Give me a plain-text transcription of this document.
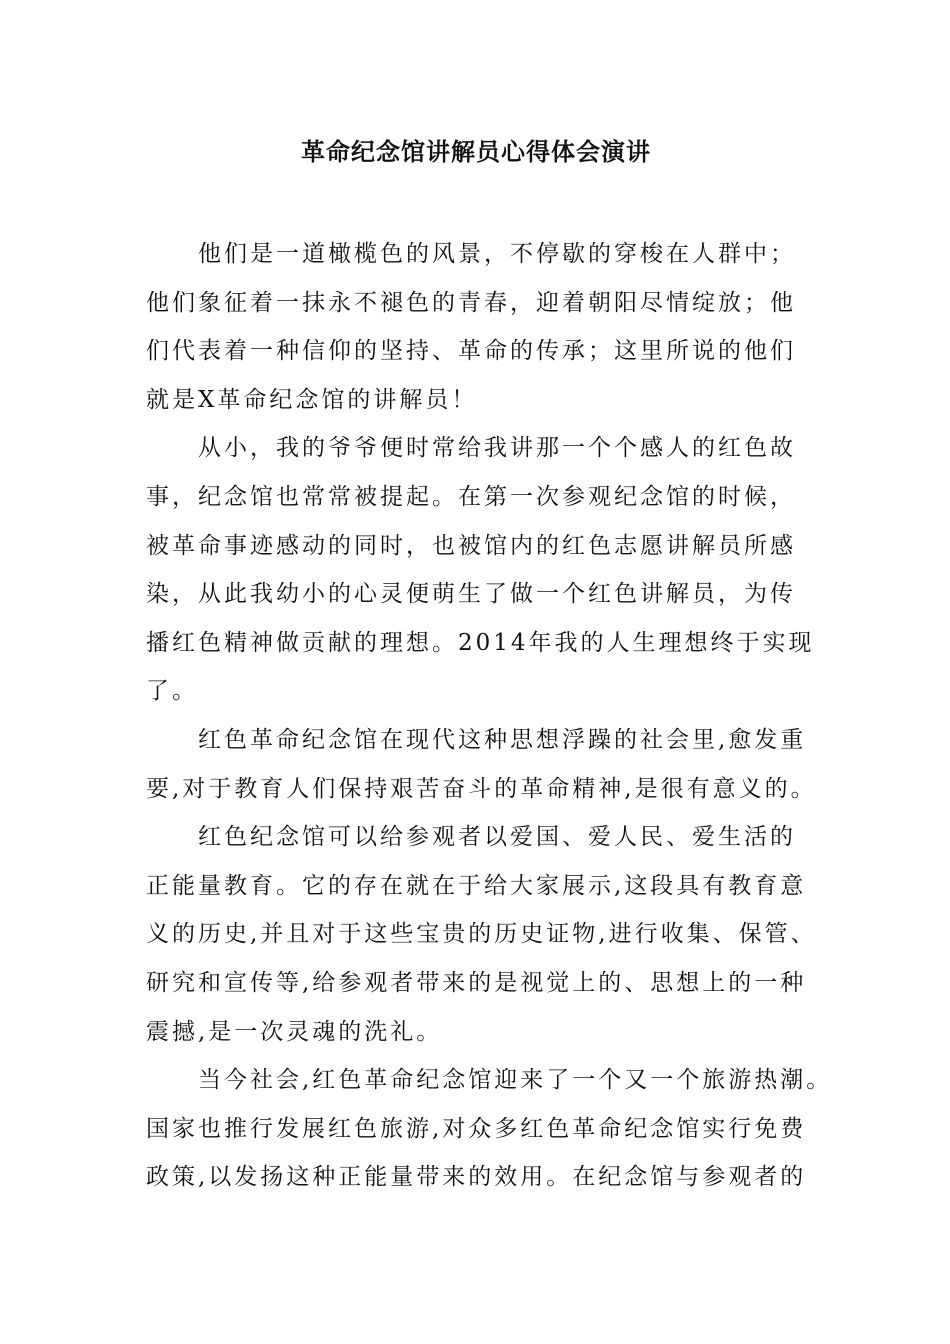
革命纪念馆讲解员心得体会演讲
他们是一道橄榄色的风景，不停歇的穿梭在人群中；
他们象征着一抹永不褪色的青春，迎着朝阳尽情绽放；他
们代表着一种信仰的坚持、革命的传承；这里所说的他们
就是X革命纪念馆的讲解员！
从小，我的爷爷便时常给我讲那一个个感人的红色故
事，纪念馆也常常被提起。在第一次参观纪念馆的时候，
被革命事迹感动的同时，也被馆内的红色志愿讲解员所感
染，从此我幼小的心灵便萌生了做一个红色讲解员，为传
播红色精神做贡献的理想。2014年我的人生理想终于实现
了。
红色革命纪念馆在现代这种思想浮躁的社会里,愈发重
要,对于教育人们保持艰苦奋斗的革命精神,是很有意义的。
红色纪念馆可以给参观者以爱国、爱人民、爱生活的
正能量教育。它的存在就在于给大家展示,这段具有教育意
义的历史,并且对于这些宝贵的历史证物,进行收集、保管、
研究和宣传等,给参观者带来的是视觉上的、思想上的一种
震撼,是一次灵魂的洗礼。
当今社会,红色革命纪念馆迎来了一个又一个旅游热潮。
国家也推行发展红色旅游,对众多红色革命纪念馆实行免费
政策,以发扬这种正能量带来的效用。在纪念馆与参观者的
